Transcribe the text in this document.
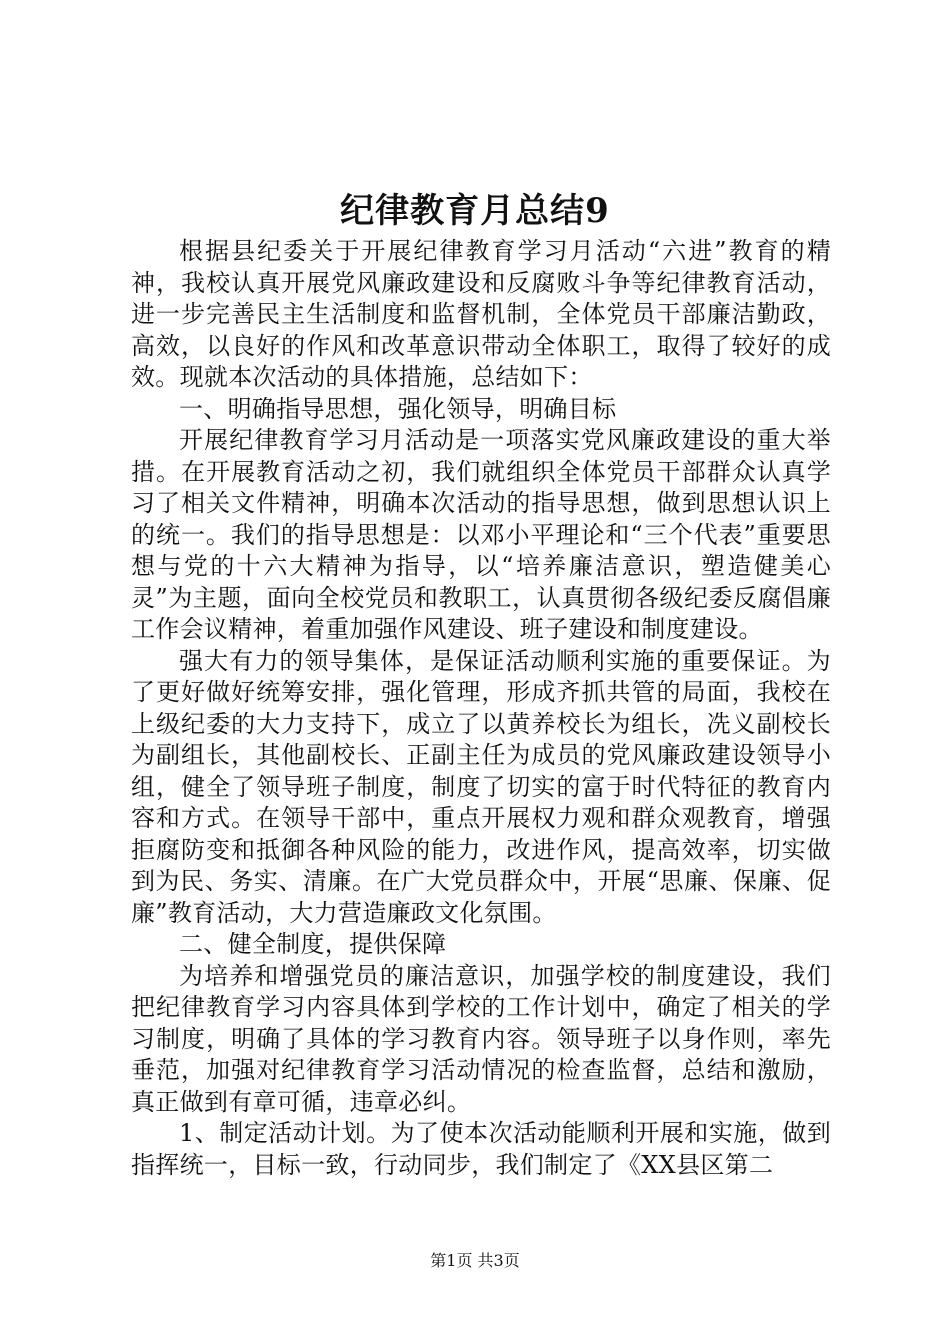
纪律教育月总结9

根据县纪委关于开展纪律教育学习月活动“六进”教育的精神，我校认真开展党风廉政建设和反腐败斗争等纪律教育活动，进一步完善民主生活制度和监督机制，全体党员干部廉洁勤政，高效，以良好的作风和改革意识带动全体职工，取得了较好的成效。现就本次活动的具体措施，总结如下：

一、明确指导思想，强化领导，明确目标

开展纪律教育学习月活动是一项落实党风廉政建设的重大举措。在开展教育活动之初，我们就组织全体党员干部群众认真学习了相关文件精神，明确本次活动的指导思想，做到思想认识上的统一。我们的指导思想是：以邓小平理论和“三个代表”重要思想与党的十六大精神为指导，以“培养廉洁意识，塑造健美心灵”为主题，面向全校党员和教职工，认真贯彻各级纪委反腐倡廉工作会议精神，着重加强作风建设、班子建设和制度建设。

强大有力的领导集体，是保证活动顺利实施的重要保证。为了更好做好统筹安排，强化管理，形成齐抓共管的局面，我校在上级纪委的大力支持下，成立了以黄养校长为组长，冼义副校长为副组长，其他副校长、正副主任为成员的党风廉政建设领导小组，健全了领导班子制度，制度了切实的富于时代特征的教育内容和方式。在领导干部中，重点开展权力观和群众观教育，增强拒腐防变和抵御各种风险的能力，改进作风，提高效率，切实做到为民、务实、清廉。在广大党员群众中，开展“思廉、保廉、促廉”教育活动，大力营造廉政文化氛围。

二、健全制度，提供保障

为培养和增强党员的廉洁意识，加强学校的制度建设，我们把纪律教育学习内容具体到学校的工作计划中，确定了相关的学习制度，明确了具体的学习教育内容。领导班子以身作则，率先垂范，加强对纪律教育学习活动情况的检查监督，总结和激励，真正做到有章可循，违章必纠。

1、制定活动计划。为了使本次活动能顺利开展和实施，做到指挥统一，目标一致，行动同步，我们制定了《XX县区第二

第1页 共3页
